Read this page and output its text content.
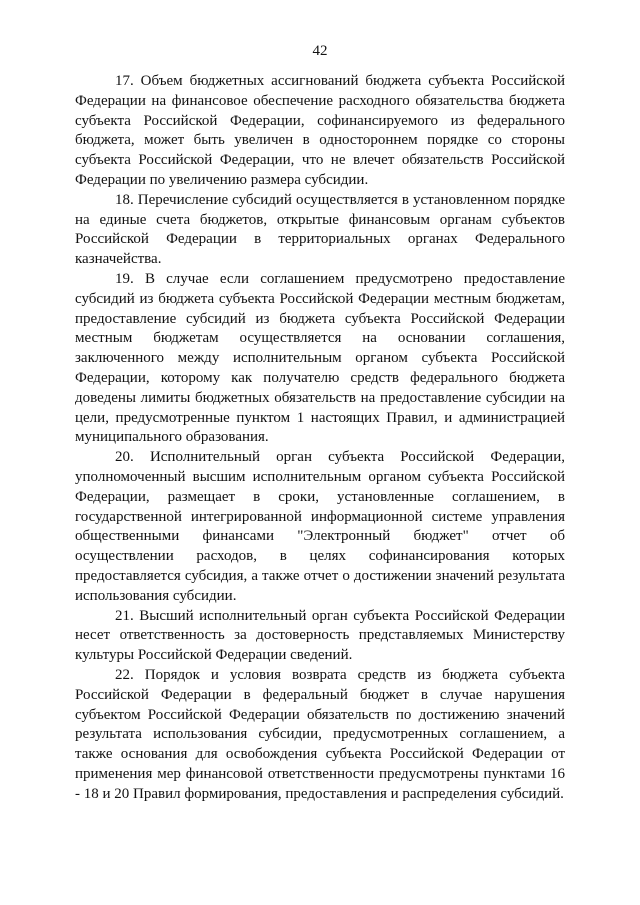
42

17. Объем бюджетных ассигнований бюджета субъекта Российской Федерации на финансовое обеспечение расходного обязательства бюджета субъекта Российской Федерации, софинансируемого из федерального бюджета, может быть увеличен в одностороннем порядке со стороны субъекта Российской Федерации, что не влечет обязательств Российской Федерации по увеличению размера субсидии.

18. Перечисление субсидий осуществляется в установленном порядке на единые счета бюджетов, открытые финансовым органам субъектов Российской Федерации в территориальных органах Федерального казначейства.

19. В случае если соглашением предусмотрено предоставление субсидий из бюджета субъекта Российской Федерации местным бюджетам, предоставление субсидий из бюджета субъекта Российской Федерации местным бюджетам осуществляется на основании соглашения, заключенного между исполнительным органом субъекта Российской Федерации, которому как получателю средств федерального бюджета доведены лимиты бюджетных обязательств на предоставление субсидии на цели, предусмотренные пунктом 1 настоящих Правил, и администрацией муниципального образования.

20. Исполнительный орган субъекта Российской Федерации, уполномоченный высшим исполнительным органом субъекта Российской Федерации, размещает в сроки, установленные соглашением, в государственной интегрированной информационной системе управления общественными финансами "Электронный бюджет" отчет об осуществлении расходов, в целях софинансирования которых предоставляется субсидия, а также отчет о достижении значений результата использования субсидии.

21. Высший исполнительный орган субъекта Российской Федерации несет ответственность за достоверность представляемых Министерству культуры Российской Федерации сведений.

22. Порядок и условия возврата средств из бюджета субъекта Российской Федерации в федеральный бюджет в случае нарушения субъектом Российской Федерации обязательств по достижению значений результата использования субсидии, предусмотренных соглашением, а также основания для освобождения субъекта Российской Федерации от применения мер финансовой ответственности предусмотрены пунктами 16 - 18 и 20 Правил формирования, предоставления и распределения субсидий.
